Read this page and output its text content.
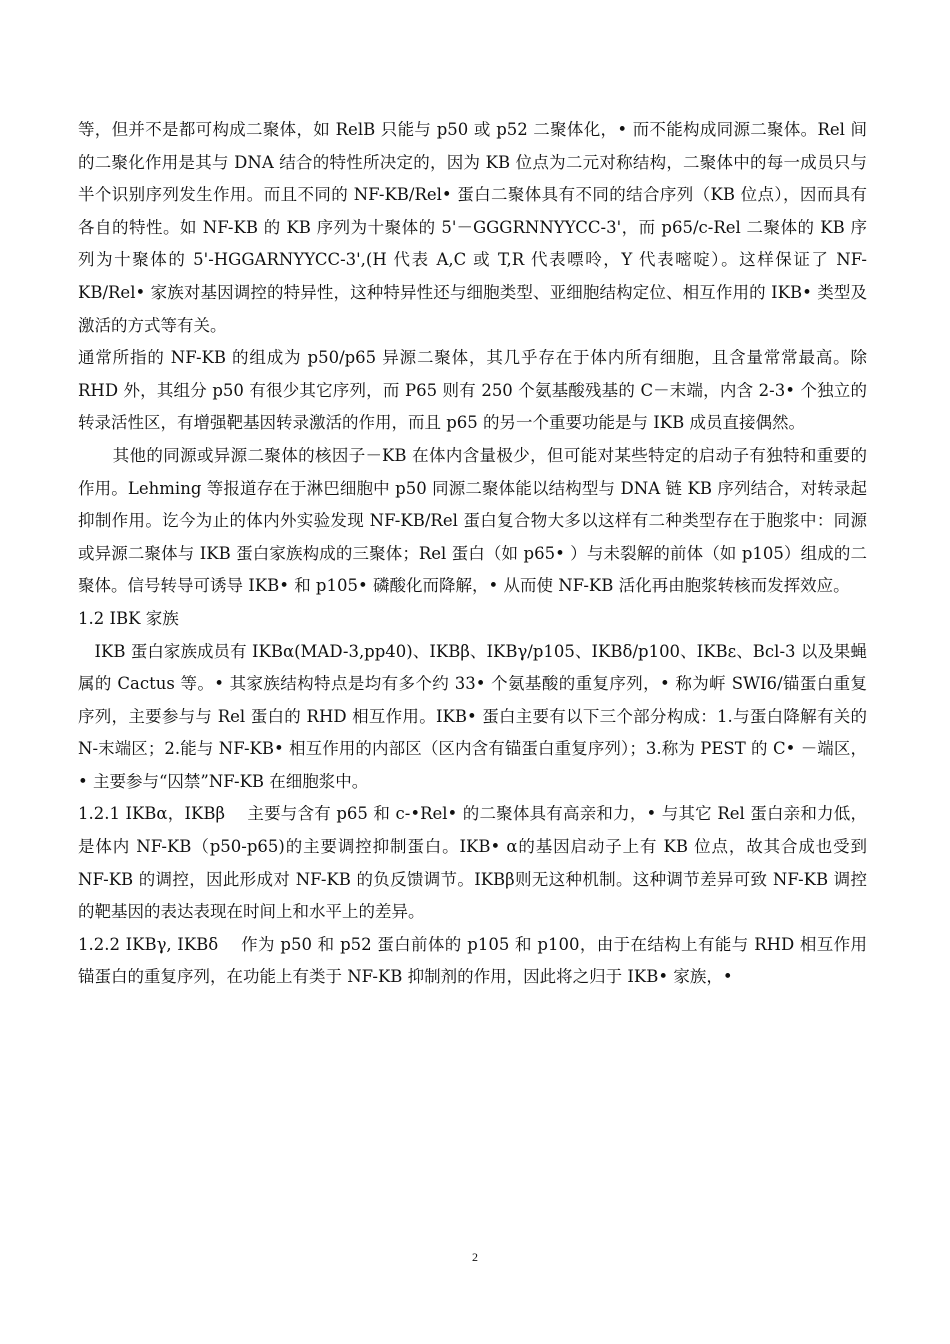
等，但并不是都可构成二聚体，如 RelB 只能与 p50 或 p52 二聚体化，• 而不能构成同源二聚体。Rel 间的二聚化作用是其与 DNA 结合的特性所决定的，因为 KB 位点为二元对称结构，二聚体中的每一成员只与半个识别序列发生作用。而且不同的 NF-KB/Rel• 蛋白二聚体具有不同的结合序列（KB 位点），因而具有各自的特性。如 NF-KB 的 KB 序列为十聚体的 5'－GGGRNNYYCC-3'，而 p65/c-Rel 二聚体的 KB 序列为十聚体的 5'-HGGARNYYCC-3',(H 代表 A,C 或 T,R 代表嘌呤，Y 代表嘧啶）。这样保证了 NF-KB/Rel• 家族对基因调控的特异性，这种特异性还与细胞类型、亚细胞结构定位、相互作用的 IKB• 类型及激活的方式等有关。

通常所指的 NF-KB 的组成为 p50/p65 异源二聚体，其几乎存在于体内所有细胞，且含量常常最高。除 RHD 外，其组分 p50 有很少其它序列，而 P65 则有 250 个氨基酸残基的 C－末端，内含 2-3• 个独立的转录活性区，有增强靶基因转录激活的作用，而且 p65 的另一个重要功能是与 IKB 成员直接偶然。

其他的同源或异源二聚体的核因子－KB 在体内含量极少，但可能对某些特定的启动子有独特和重要的作用。Lehming 等报道存在于淋巴细胞中 p50 同源二聚体能以结构型与 DNA 链 KB 序列结合，对转录起抑制作用。讫今为止的体内外实验发现 NF-KB/Rel 蛋白复合物大多以这样有二种类型存在于胞浆中：同源或异源二聚体与 IKB 蛋白家族构成的三聚体；Rel 蛋白（如 p65• ）与未裂解的前体（如 p105）组成的二聚体。信号转导可诱导 IKB• 和 p105• 磷酸化而降解，• 从而使 NF-KB 活化再由胞浆转核而发挥效应。

1.2 IBK 家族

IKB 蛋白家族成员有 IKBα(MAD-3,pp40)、IKBβ、IKBγ/p105、IKBδ/p100、IKBε、Bcl-3 以及果蝇属的 Cactus 等。• 其家族结构特点是均有多个约 33• 个氨基酸的重复序列，• 称为㟁 SWI6/锚蛋白重复序列，主要参与与 Rel 蛋白的 RHD 相互作用。IKB• 蛋白主要有以下三个部分构成：1.与蛋白降解有关的 N-末端区；2.能与 NF-KB• 相互作用的内部区（区内含有锚蛋白重复序列）；3.称为 PEST 的 C• －端区，• 主要参与“囚禁”NF-KB 在细胞浆中。

1.2.1 IKBα，IKBβ　 主要与含有 p65 和 c-•Rel• 的二聚体具有高亲和力，• 与其它 Rel 蛋白亲和力低，是体内 NF-KB（p50-p65)的主要调控抑制蛋白。IKB• α的基因启动子上有 KB 位点，故其合成也受到 NF-KB 的调控，因此形成对 NF-KB 的负反馈调节。IKBβ则无这种机制。这种调节差异可致 NF-KB 调控的靶基因的表达表现在时间上和水平上的差异。

1.2.2 IKBγ, IKBδ　 作为 p50 和 p52 蛋白前体的 p105 和 p100，由于在结构上有能与 RHD 相互作用锚蛋白的重复序列，在功能上有类于 NF-KB 抑制剂的作用，因此将之归于 IKB• 家族，•

2
